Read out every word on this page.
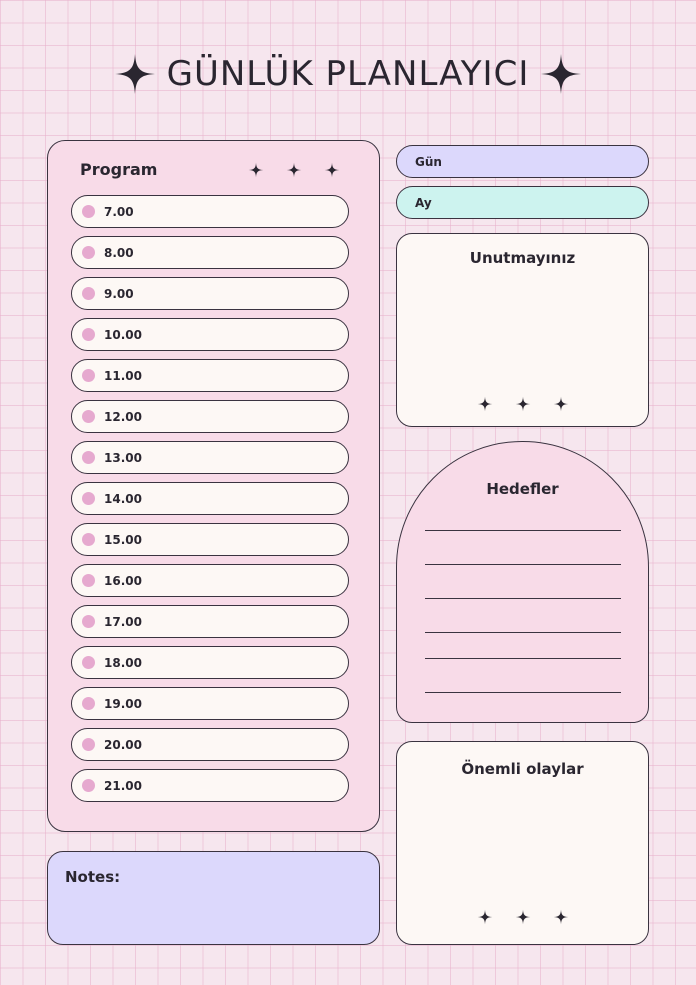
GÜNLÜK PLANLAYICI
Program
7.00
8.00
9.00
10.00
11.00
12.00
13.00
14.00
15.00
16.00
17.00
18.00
19.00
20.00
21.00
Gün
Ay
Unutmayınız
Hedefler
Önemli olaylar
Notes:
